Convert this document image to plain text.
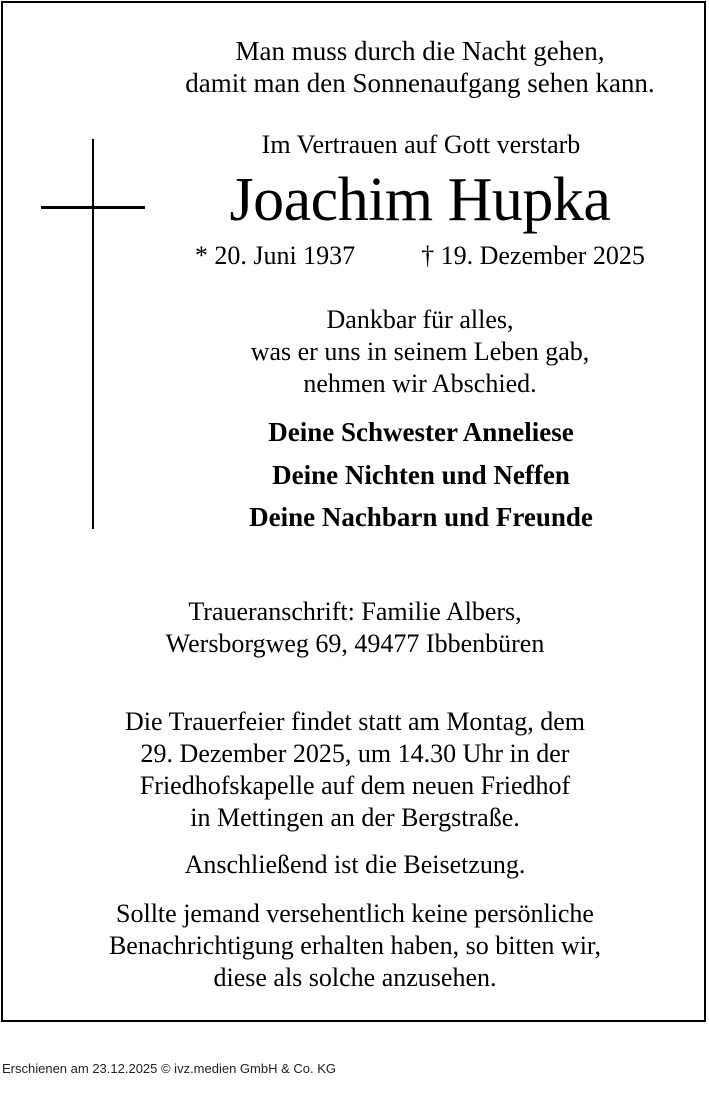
Man muss durch die Nacht gehen,

damit man den Sonnenaufgang sehen kann.

Im Vertrauen auf Gott verstarb

Joachim Hupka

* 20. Juni 1937	† 19. Dezember 2025

Dankbar für alles,

was er uns in seinem Leben gab,

nehmen wir Abschied.

Deine Schwester Anneliese

Deine Nichten und Neffen

Deine Nachbarn und Freunde

Traueranschrift: Familie Albers,

Wersborgweg 69, 49477 Ibbenbüren

Die Trauerfeier findet statt am Montag, dem

29. Dezember 2025, um 14.30 Uhr in der

Friedhofskapelle auf dem neuen Friedhof

in Mettingen an der Bergstraße.

Anschließend ist die Beisetzung.

Sollte jemand versehentlich keine persönliche

Benachrichtigung erhalten haben, so bitten wir,

diese als solche anzusehen.

Erschienen am 23.12.2025 © ivz.medien GmbH & Co. KG
